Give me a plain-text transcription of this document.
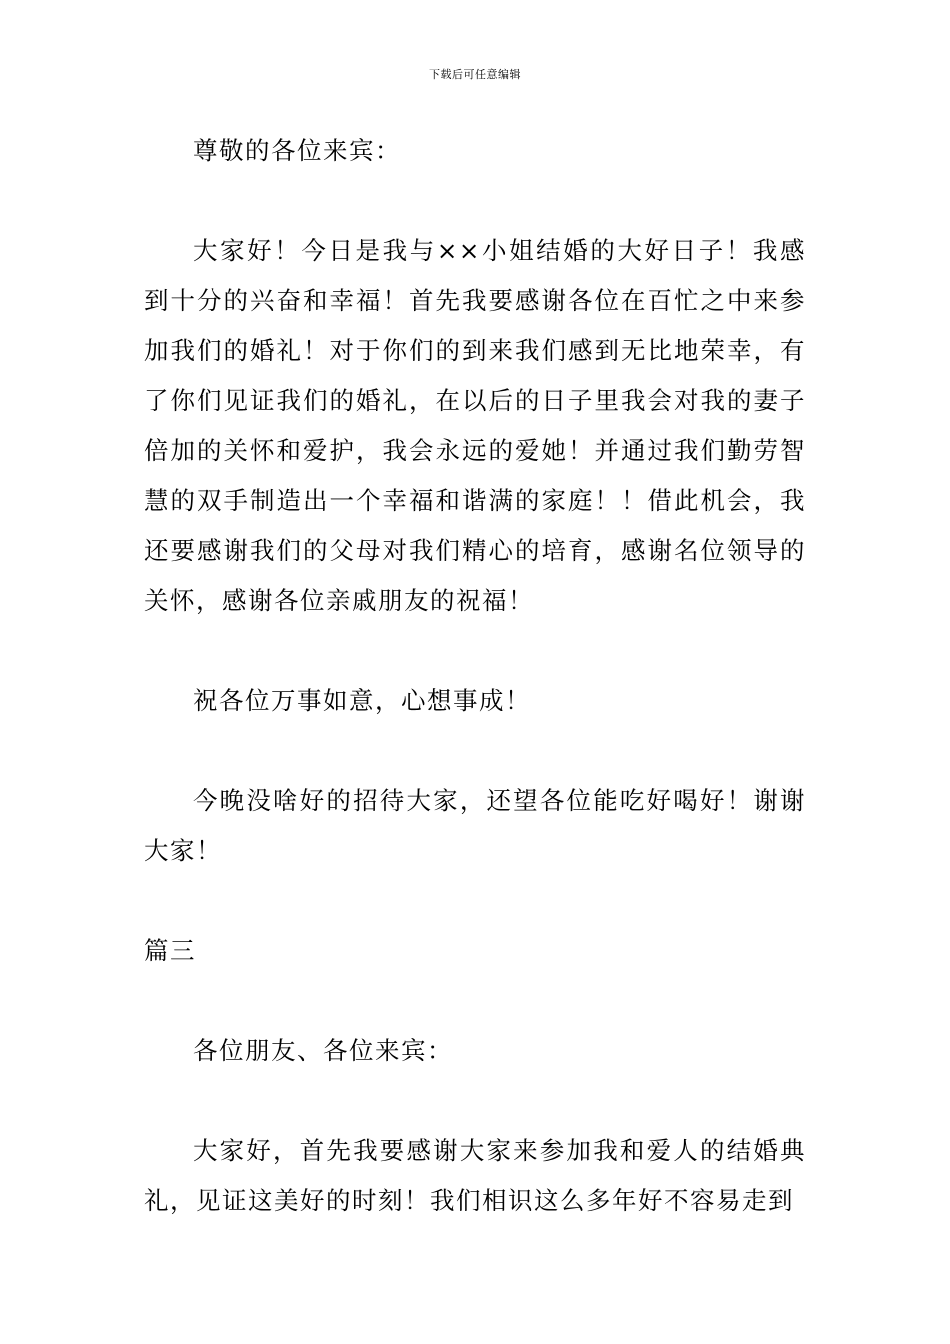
下载后可任意编辑

尊敬的各位来宾：

大家好！今日是我与××小姐结婚的大好日子！我感到十分的兴奋和幸福！首先我要感谢各位在百忙之中来参加我们的婚礼！对于你们的到来我们感到无比地荣幸，有了你们见证我们的婚礼，在以后的日子里我会对我的妻子倍加的关怀和爱护，我会永远的爱她！并通过我们勤劳智慧的双手制造出一个幸福和谐满的家庭！！借此机会，我还要感谢我们的父母对我们精心的培育，感谢名位领导的关怀，感谢各位亲戚朋友的祝福！

祝各位万事如意，心想事成！

今晚没啥好的招待大家，还望各位能吃好喝好！谢谢大家！

篇三

各位朋友、各位来宾：

大家好，首先我要感谢大家来参加我和爱人的结婚典礼，见证这美好的时刻！我们相识这么多年好不容易走到
